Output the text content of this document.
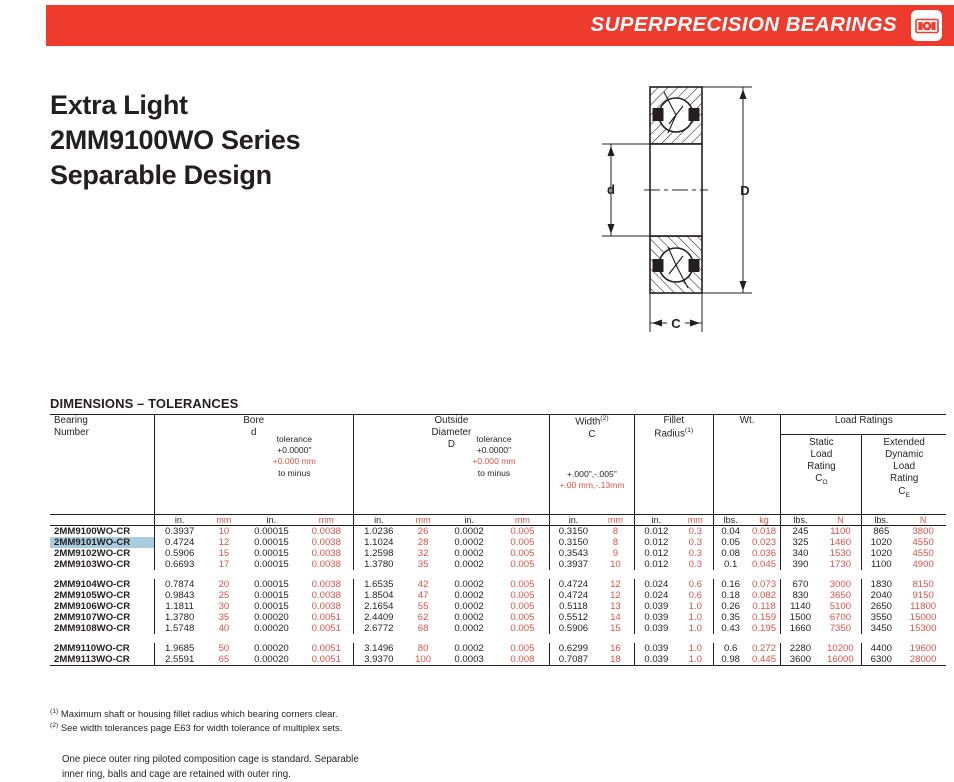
SUPERPRECISION BEARINGS
Extra Light
2MM9100WO Series
Separable Design	d	D
C
DIMENSIONS – TOLERANCES
Bearing
Number

Bore
d
tolerance
+0.0000"
+0.000 mm
to minus

Outside
Diameter
D
tolerance
+0.0000"
+0.000 mm
to minus

Width$^{(2)}$
C
+.000",-.005"
+.00 mm,-.13mm

Fillet
Radius$^{(1)}$

Wt.	Load Ratings

Static
Load
Rating
$C_O$

Extended
Dynamic
Load
Rating
$C_E$

	in.	mm	in.	mm	in.	mm	in.	mm	in.	mm	in.	mm	lbs.	kg	lbs.	N	lbs.	N
2MM9100WO-CR	0.3937	10	0.00015	0.0038	1.0236	26	0.0002	0.005	0.3150	8	0.012	0.3	0.04	0.018	245	1100	865	3800
2MM9101WO-CR	0.4724	12	0.00015	0.0038	1.1024	28	0.0002	0.005	0.3150	8	0.012	0.3	0.05	0.023	325	1460	1020	4550
2MM9102WO-CR	0.5906	15	0.00015	0.0038	1.2598	32	0.0002	0.005	0.3543	9	0.012	0.3	0.08	0.036	340	1530	1020	4550
2MM9103WO-CR	0.6693	17	0.00015	0.0038	1.3780	35	0.0002	0.005	0.3937	10	0.012	0.3	0.1	0.045	390	1730	1100	4900

2MM9104WO-CR	0.7874	20	0.00015	0.0038	1.6535	42	0.0002	0.005	0.4724	12	0.024	0.6	0.16	0.073	670	3000	1830	8150
2MM9105WO-CR	0.9843	25	0.00015	0.0038	1.8504	47	0.0002	0.005	0.4724	12	0.024	0.6	0.18	0.082	830	3650	2040	9150
2MM9106WO-CR	1.1811	30	0.00015	0.0038	2.1654	55	0.0002	0.005	0.5118	13	0.039	1.0	0.26	0.118	1140	5100	2650	11800
2MM9107WO-CR	1.3780	35	0.00020	0.0051	2.4409	62	0.0002	0.005	0.5512	14	0.039	1.0	0.35	0.159	1500	6700	3550	15000
2MM9108WO-CR	1.5748	40	0.00020	0.0051	2.6772	68	0.0002	0.005	0.5906	15	0.039	1.0	0.43	0.195	1660	7350	3450	15300

2MM9110WO-CR	1.9685	50	0.00020	0.0051	3.1496	80	0.0002	0.005	0.6299	16	0.039	1.0	0.6	0.272	2280	10200	4400	19600
2MM9113WO-CR	2.5591	65	0.00020	0.0051	3.9370	100	0.0003	0.008	0.7087	18	0.039	1.0	0.98	0.445	3600	16000	6300	28000
$^{(1)}$ Maximum shaft or housing fillet radius which bearing corners clear.
$^{(2)}$ See width tolerances page E63 for width tolerance of multiplex sets.
One piece outer ring piloted composition cage is standard. Separable
inner ring, balls and cage are retained with outer ring.
